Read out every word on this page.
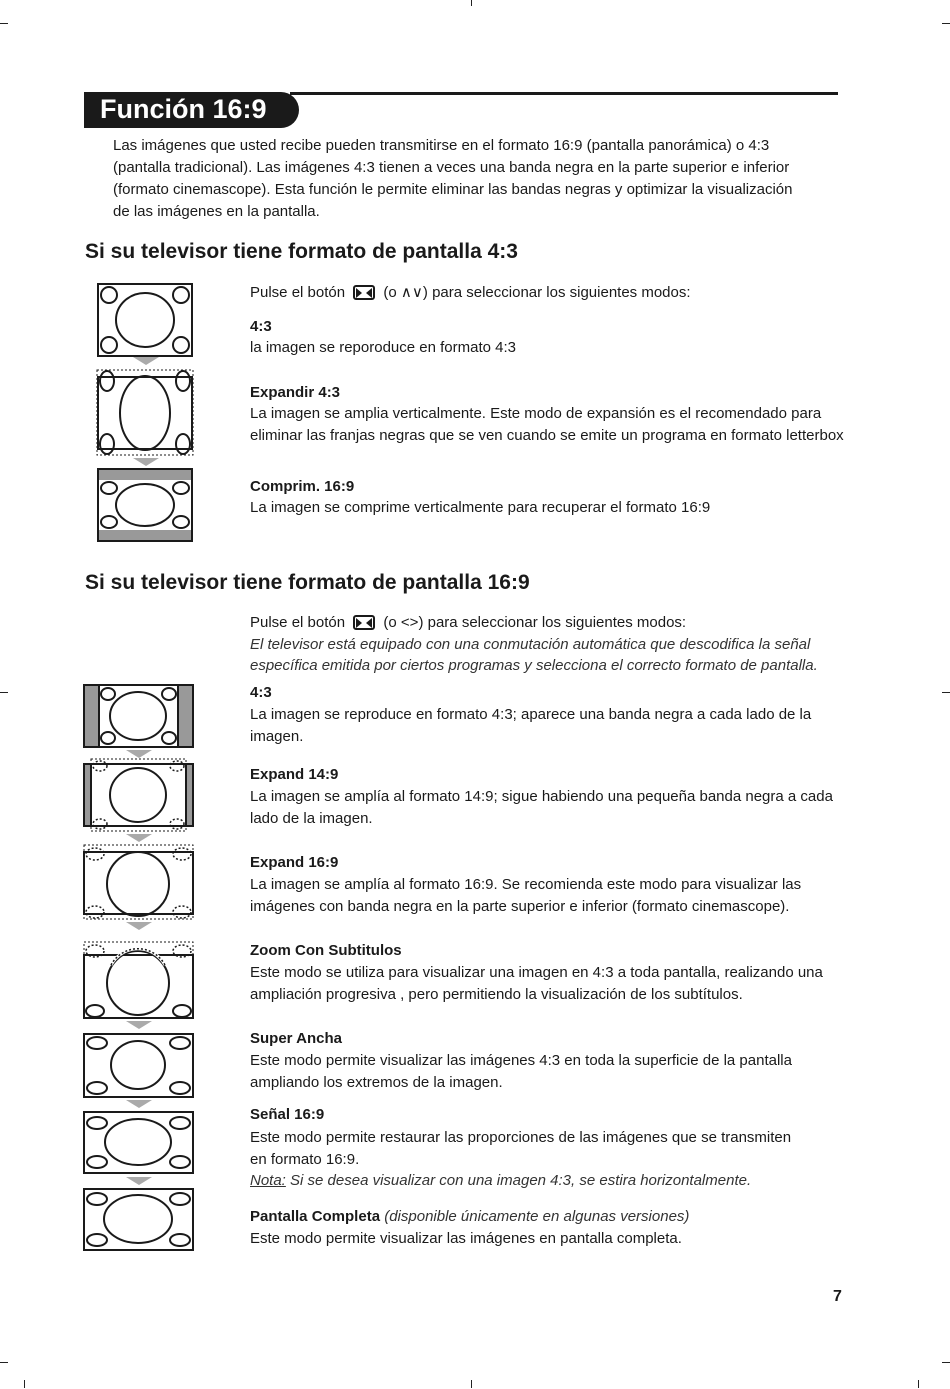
Función 16:9
Las imágenes que usted recibe pueden transmitirse en el formato 16:9 (pantalla panorámica) o 4:3
(pantalla tradicional). Las imágenes 4:3 tienen a veces una banda negra en la parte superior e inferior
(formato cinemascope). Esta función le permite eliminar las bandas negras y optimizar la visualización
de las imágenes en la pantalla.
Si su televisor tiene formato de pantalla 4:3
Pulse el botón	(o ∧∨) para seleccionar los siguientes modos:
4:3
la imagen se reporoduce en formato 4:3
Expandir 4:3
La imagen se amplia verticalmente. Este modo de expansión es el recomendado para
eliminar las franjas negras que se ven cuando se emite un programa en formato letterbox
Comprim. 16:9
La imagen se comprime verticalmente para recuperar el formato 16:9
Si su televisor tiene formato de pantalla 16:9
Pulse el botón	(o <>) para seleccionar los siguientes modos:
El televisor está equipado con una conmutación automática que descodifica la señal
específica emitida por ciertos programas y selecciona el correcto formato de pantalla.
4:3
La imagen se reproduce en formato 4:3; aparece una banda negra a cada lado de la
imagen.
Expand 14:9
La imagen se amplía al formato 14:9; sigue habiendo una pequeña banda negra a cada
lado de la imagen.
Expand 16:9
La imagen se amplía al formato 16:9. Se recomienda este modo para visualizar las
imágenes con banda negra en la parte superior e inferior (formato cinemascope).
Zoom Con Subtitulos
Este modo se utiliza para visualizar una imagen en 4:3 a toda pantalla, realizando una
ampliación progresiva , pero permitiendo la visualización de los subtítulos.
Super Ancha
Este modo permite visualizar las imágenes 4:3 en toda la superficie de la pantalla
ampliando los extremos de la imagen.
Señal 16:9
Este modo permite restaurar las proporciones de las imágenes que se transmiten
en formato 16:9.
Nota: Si se desea visualizar con una imagen 4:3, se estira horizontalmente.
Pantalla Completa (disponible únicamente en algunas versiones)
Este modo permite visualizar las imágenes en pantalla completa.
7
